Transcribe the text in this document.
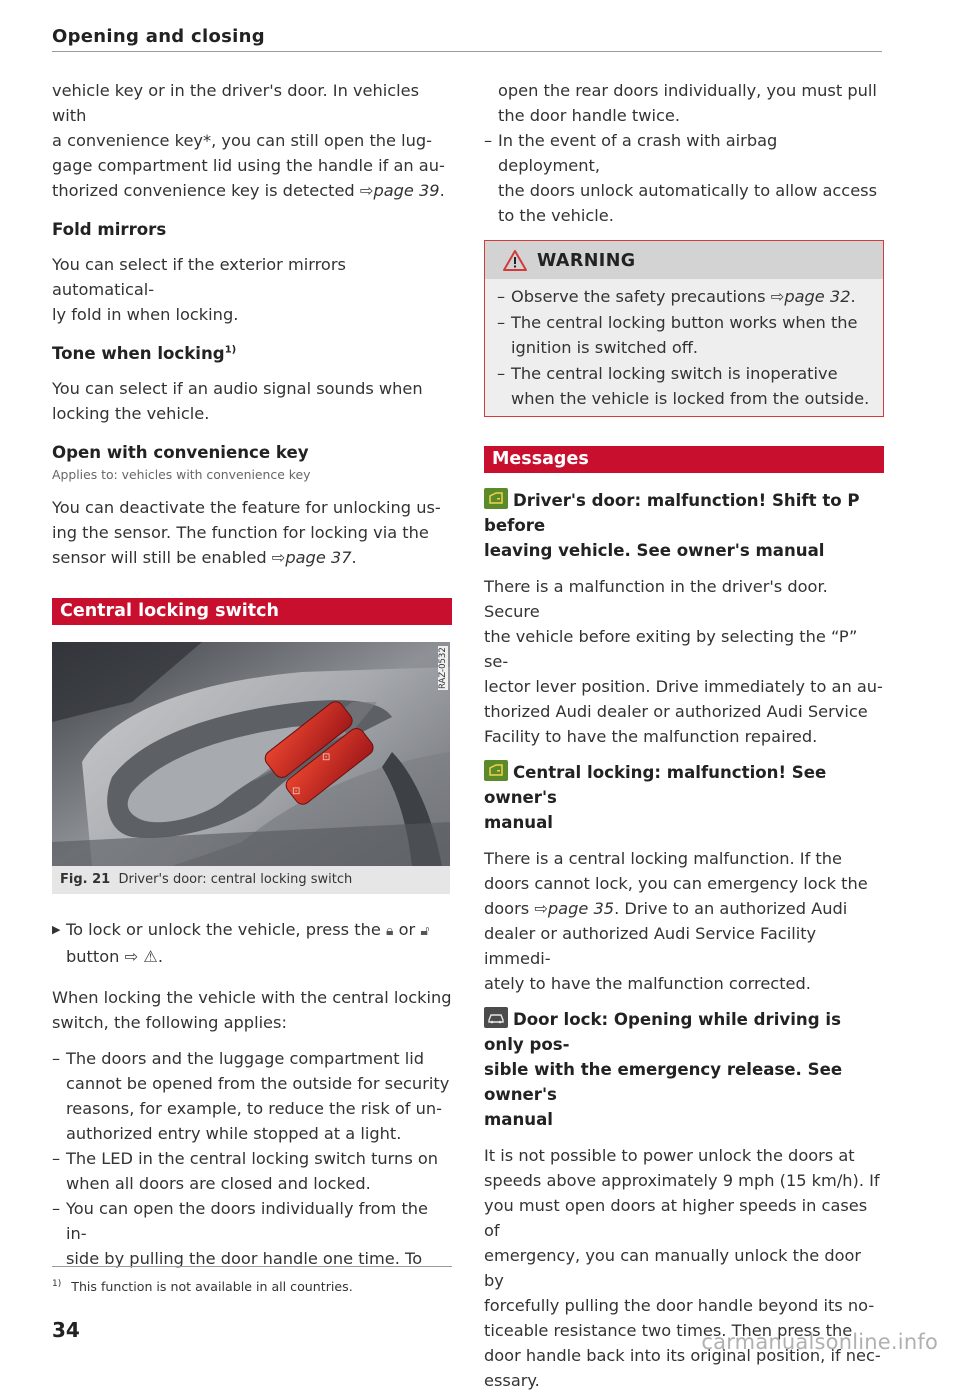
Opening and closing

vehicle key or in the driver's door. In vehicles with
a convenience key*, you can still open the lug-
gage compartment lid using the handle if an au-
thorized convenience key is detected ⇨page 39.

Fold mirrors

You can select if the exterior mirrors automatical-
ly fold in when locking.

Tone when locking$^{1)}$

You can select if an audio signal sounds when
locking the vehicle.

Open with convenience key
Applies to: vehicles with convenience key

You can deactivate the feature for unlocking us-
ing the sensor. The function for locking via the
sensor will still be enabled ⇨page 37.

Central locking switch
⊡
⊡
RAZ-0532
Fig. 21 Driver's door: central locking switch
▶ To lock or unlock the vehicle, press the 🔒︎ or 🔓︎
button ⇨ ⚠︎.

When locking the vehicle with the central locking
switch, the following applies:

– The doors and the luggage compartment lid
cannot be opened from the outside for security
reasons, for example, to reduce the risk of un-
authorized entry while stopped at a light.
– The LED in the central locking switch turns on
when all doors are closed and locked.
– You can open the doors individually from the in-
side by pulling the door handle one time. To

open the rear doors individually, you must pull
the door handle twice.

– In the event of a crash with airbag deployment,
the doors unlock automatically to allow access
to the vehicle.
WARNING
– Observe the safety precautions ⇨page 32.
– The central locking button works when the
ignition is switched off.
– The central locking switch is inoperative
when the vehicle is locked from the outside.
Messages
Driver's door: malfunction! Shift to P before
leaving vehicle. See owner's manual

There is a malfunction in the driver's door. Secure
the vehicle before exiting by selecting the “P” se-
lector lever position. Drive immediately to an au-
thorized Audi dealer or authorized Audi Service
Facility to have the malfunction repaired.

Central locking: malfunction! See owner's
manual

There is a central locking malfunction. If the
doors cannot lock, you can emergency lock the
doors ⇨page 35. Drive to an authorized Audi
dealer or authorized Audi Service Facility immedi-
ately to have the malfunction corrected.

Door lock: Opening while driving is only pos-
sible with the emergency release. See owner's
manual

It is not possible to power unlock the doors at
speeds above approximately 9 mph (15 km/h). If
you must open doors at higher speeds in cases of
emergency, you can manually unlock the door by
forcefully pulling the door handle beyond its no-
ticeable resistance two times. Then press the
door handle back into its original position, if nec-
essary.

$^{1)}$ This function is not available in all countries.
34	carmanualsonline.info
